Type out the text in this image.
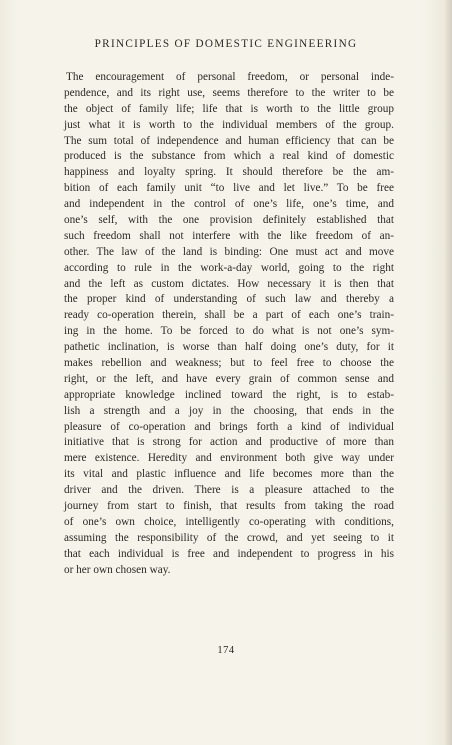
PRINCIPLES OF DOMESTIC ENGINEERING
The encouragement of personal freedom, or personal inde-
pendence, and its right use, seems therefore to the writer to be
the object of family life; life that is worth to the little group
just what it is worth to the individual members of the group.
The sum total of independence and human efficiency that can be
produced is the substance from which a real kind of domestic
happiness and loyalty spring. It should therefore be the am-
bition of each family unit “to live and let live.” To be free
and independent in the control of one’s life, one’s time, and
one’s self, with the one provision definitely established that
such freedom shall not interfere with the like freedom of an-
other. The law of the land is binding: One must act and move
according to rule in the work-a-day world, going to the right
and the left as custom dictates. How necessary it is then that
the proper kind of understanding of such law and thereby a
ready co-operation therein, shall be a part of each one’s train-
ing in the home. To be forced to do what is not one’s sym-
pathetic inclination, is worse than half doing one’s duty, for it
makes rebellion and weakness; but to feel free to choose the
right, or the left, and have every grain of common sense and
appropriate knowledge inclined toward the right, is to estab-
lish a strength and a joy in the choosing, that ends in the
pleasure of co-operation and brings forth a kind of individual
initiative that is strong for action and productive of more than
mere existence. Heredity and environment both give way under
its vital and plastic influence and life becomes more than the
driver and the driven. There is a pleasure attached to the
journey from start to finish, that results from taking the road
of one’s own choice, intelligently co-operating with conditions,
assuming the responsibility of the crowd, and yet seeing to it
that each individual is free and independent to progress in his
or her own chosen way.
174
